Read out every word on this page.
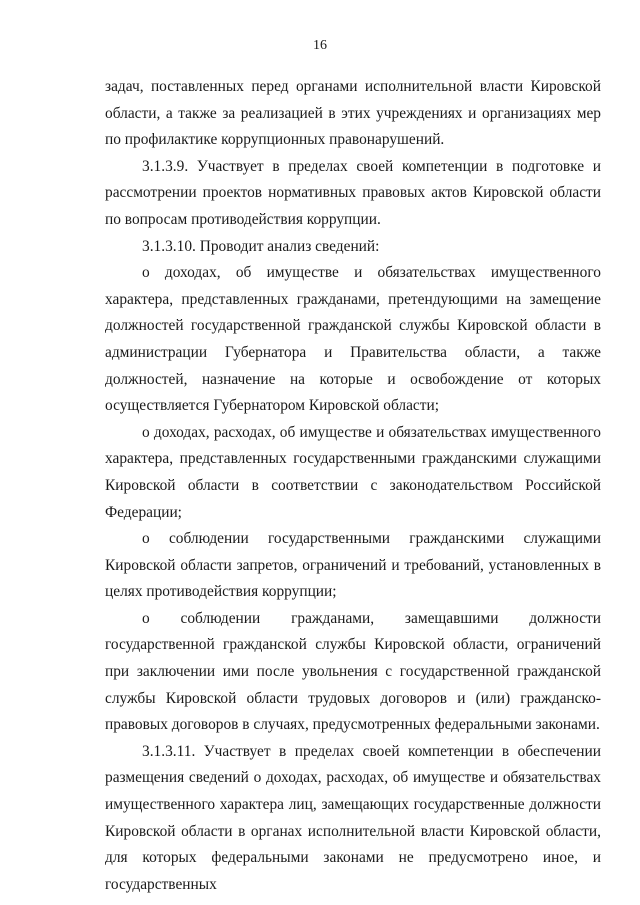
16

задач, поставленных перед органами исполнительной власти Кировской области, а также за реализацией в этих учреждениях и организациях мер по профилактике коррупционных правонарушений.

3.1.3.9. Участвует в пределах своей компетенции в подготовке и рассмотрении проектов нормативных правовых актов Кировской области по вопросам противодействия коррупции.

3.1.3.10. Проводит анализ сведений:

о доходах, об имуществе и обязательствах имущественного характера, представленных гражданами, претендующими на замещение должностей государственной гражданской службы Кировской области в администрации Губернатора и Правительства области, а также должностей, назначение на которые и освобождение от которых осуществляется Губернатором Кировской области;

о доходах, расходах, об имуществе и обязательствах имущественного характера, представленных государственными гражданскими служащими Кировской области в соответствии с законодательством Российской Федерации;

о соблюдении государственными гражданскими служащими Кировской области запретов, ограничений и требований, установленных в целях противодействия коррупции;

о соблюдении гражданами, замещавшими должности государственной гражданской службы Кировской области, ограничений при заключении ими после увольнения с государственной гражданской службы Кировской области трудовых договоров и (или) гражданско-правовых договоров в случаях, предусмотренных федеральными законами.

3.1.3.11. Участвует в пределах своей компетенции в обеспечении размещения сведений о доходах, расходах, об имуществе и обязательствах имущественного характера лиц, замещающих государственные должности Кировской области в органах исполнительной власти Кировской области, для которых федеральными законами не предусмотрено иное, и государственных
